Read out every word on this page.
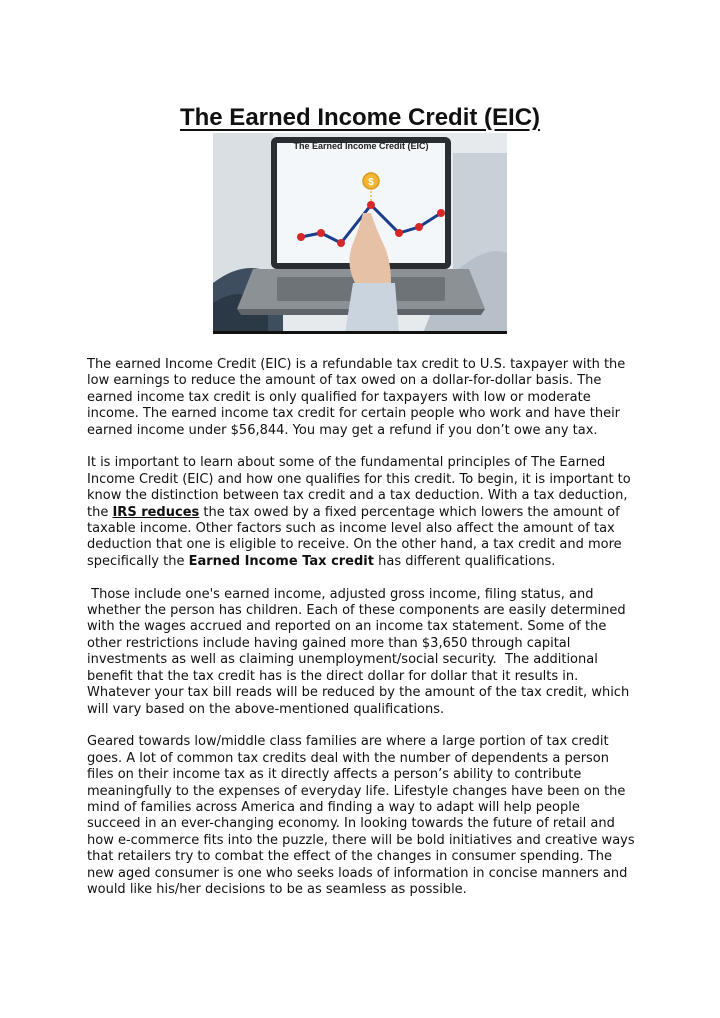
The Earned Income Credit (EIC)
The Earned Income Credit (EIC)
$

The earned Income Credit (EIC) is a refundable tax credit to U.S. taxpayer with the low earnings to reduce the amount of tax owed on a dollar-for-dollar basis. The earned income tax credit is only qualified for taxpayers with low or moderate income. The earned income tax credit for certain people who work and have their earned income under $56,844. You may get a refund if you don’t owe any tax.

It is important to learn about some of the fundamental principles of The Earned Income Credit (EIC) and how one qualifies for this credit. To begin, it is important to know the distinction between tax credit and a tax deduction. With a tax deduction, the IRS reduces the tax owed by a fixed percentage which lowers the amount of taxable income. Other factors such as income level also affect the amount of tax deduction that one is eligible to receive. On the other hand, a tax credit and more specifically the Earned Income Tax credit has different qualifications.

Those include one's earned income, adjusted gross income, filing status, and whether the person has children. Each of these components are easily determined with the wages accrued and reported on an income tax statement. Some of the other restrictions include having gained more than $3,650 through capital investments as well as claiming unemployment/social security.  The additional benefit that the tax credit has is the direct dollar for dollar that it results in. Whatever your tax bill reads will be reduced by the amount of the tax credit, which will vary based on the above-mentioned qualifications.

Geared towards low/middle class families are where a large portion of tax credit goes. A lot of common tax credits deal with the number of dependents a person files on their income tax as it directly affects a person’s ability to contribute meaningfully to the expenses of everyday life. Lifestyle changes have been on the mind of families across America and finding a way to adapt will help people succeed in an ever-changing economy. In looking towards the future of retail and how e-commerce fits into the puzzle, there will be bold initiatives and creative ways that retailers try to combat the effect of the changes in consumer spending. The new aged consumer is one who seeks loads of information in concise manners and would like his/her decisions to be as seamless as possible.
